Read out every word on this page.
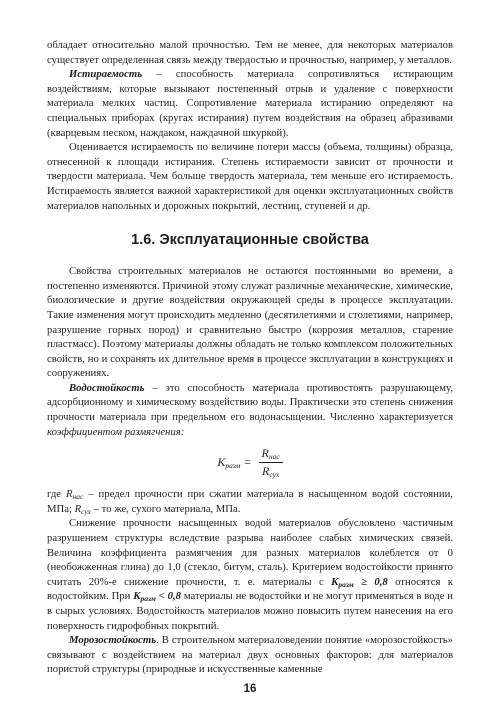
обладает относительно малой прочностью. Тем не менее, для некоторых материалов существует определенная связь между твердостью и прочностью, например, у металлов.

Истираемость – способность материала сопротивляться истирающим воздействиям, которые вызывают постепенный отрыв и удаление с поверхности материала мелких частиц. Сопротивление материала истиранию определяют на специальных приборах (кругах истирания) путем воздействия на образец абразивами (кварцевым песком, наждаком, наждачной шкуркой).

Оценивается истираемость по величине потери массы (объема, толщины) образца, отнесенной к площади истирания. Степень истираемости зависит от прочности и твердости материала. Чем больше твердость материала, тем меньше его истираемость. Истираемость является важной характеристикой для оценки эксплуатационных свойств материалов напольных и дорожных покрытий, лестниц, ступеней и др.

1.6. Эксплуатационные свойства

Свойства строительных материалов не остаются постоянными во времени, а постепенно изменяются. Причиной этому служат различные механические, химические, биологические и другие воздействия окружающей среды в процессе эксплуатации. Такие изменения могут происходить медленно (десятилетиями и столетиями, например, разрушение горных пород) и сравнительно быстро (коррозия металлов, старение пластмасс). Поэтому материалы должны обладать не только комплексом положительных свойств, но и сохранять их длительное время в процессе эксплуатации в конструкциях и сооружениях.

Водостойкость – это способность материала противостоять разрушающему, адсорбционному и химическому воздействию воды. Практически это степень снижения прочности материала при предельном его водонасыщении. Численно характеризуется коэффициентом размягчения:

$K_{разм} = \frac{R_{нас}}{R_{сух}}$

где $R_{нас}$ – предел прочности при сжатии материала в насыщенном водой состоянии, МПа; $R_{сух}$ – то же, сухого материала, МПа.

Снижение прочности насыщенных водой материалов обусловлено частичным разрушением структуры вследствие разрыва наиболее слабых химических связей. Величина коэффициента размягчения для разных материалов колеблется от 0 (необожженная глина) до 1,0 (стекло, битум, сталь). Критерием водостойкости принято считать 20%-е снижение прочности, т. е. материалы с $К_{разм} \ge 0,8$ относятся к водостойким. При $К_{разм} < 0,8$ материалы не водостойки и не могут применяться в воде и в сырых условиях. Водостойкость материалов можно повысить путем нанесения на его поверхность гидрофобных покрытий.

Морозостойкость. В строительном материаловедении понятие «морозостойкость» связывают с воздействием на материал двух основных факторов: для материалов пористой структуры (природные и искусственные каменные

16
